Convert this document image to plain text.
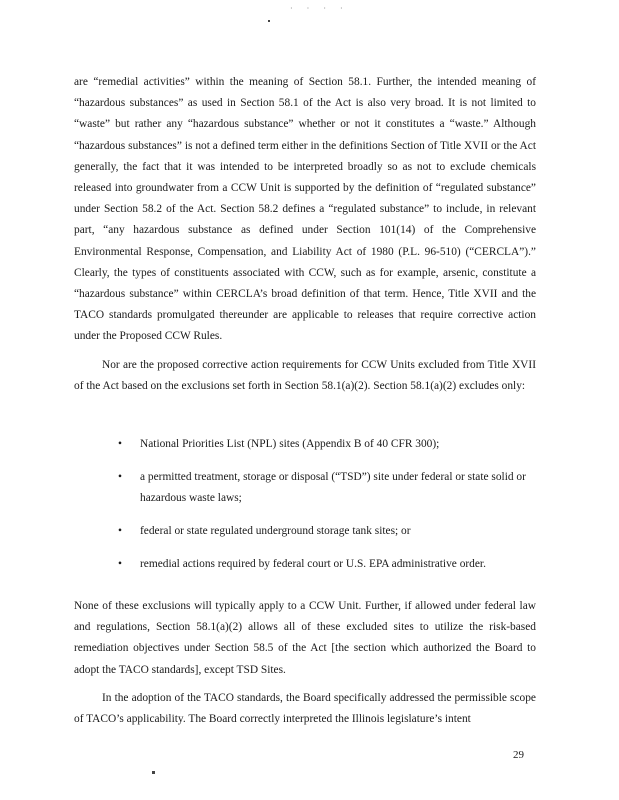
· · · ·
are “remedial activities” within the meaning of Section 58.1. Further, the intended meaning of “hazardous substances” as used in Section 58.1 of the Act is also very broad. It is not limited to “waste” but rather any “hazardous substance” whether or not it constitutes a “waste.” Although “hazardous substances” is not a defined term either in the definitions Section of Title XVII or the Act generally, the fact that it was intended to be interpreted broadly so as not to exclude chemicals released into groundwater from a CCW Unit is supported by the definition of “regulated substance” under Section 58.2 of the Act. Section 58.2 defines a “regulated substance” to include, in relevant part, “any hazardous substance as defined under Section 101(14) of the Comprehensive Environmental Response, Compensation, and Liability Act of 1980 (P.L. 96-510) (“CERCLA”).” Clearly, the types of constituents associated with CCW, such as for example, arsenic, constitute a “hazardous substance” within CERCLA’s broad definition of that term. Hence, Title XVII and the TACO standards promulgated thereunder are applicable to releases that require corrective action under the Proposed CCW Rules.
Nor are the proposed corrective action requirements for CCW Units excluded from Title XVII of the Act based on the exclusions set forth in Section 58.1(a)(2). Section 58.1(a)(2) excludes only:
• National Priorities List (NPL) sites (Appendix B of 40 CFR 300);
• a permitted treatment, storage or disposal (“TSD”) site under federal or state solid or hazardous waste laws;
• federal or state regulated underground storage tank sites; or
• remedial actions required by federal court or U.S. EPA administrative order.
None of these exclusions will typically apply to a CCW Unit. Further, if allowed under federal law and regulations, Section 58.1(a)(2) allows all of these excluded sites to utilize the risk-based remediation objectives under Section 58.5 of the Act [the section which authorized the Board to adopt the TACO standards], except TSD Sites.
In the adoption of the TACO standards, the Board specifically addressed the permissible scope of TACO’s applicability. The Board correctly interpreted the Illinois legislature’s intent
29
